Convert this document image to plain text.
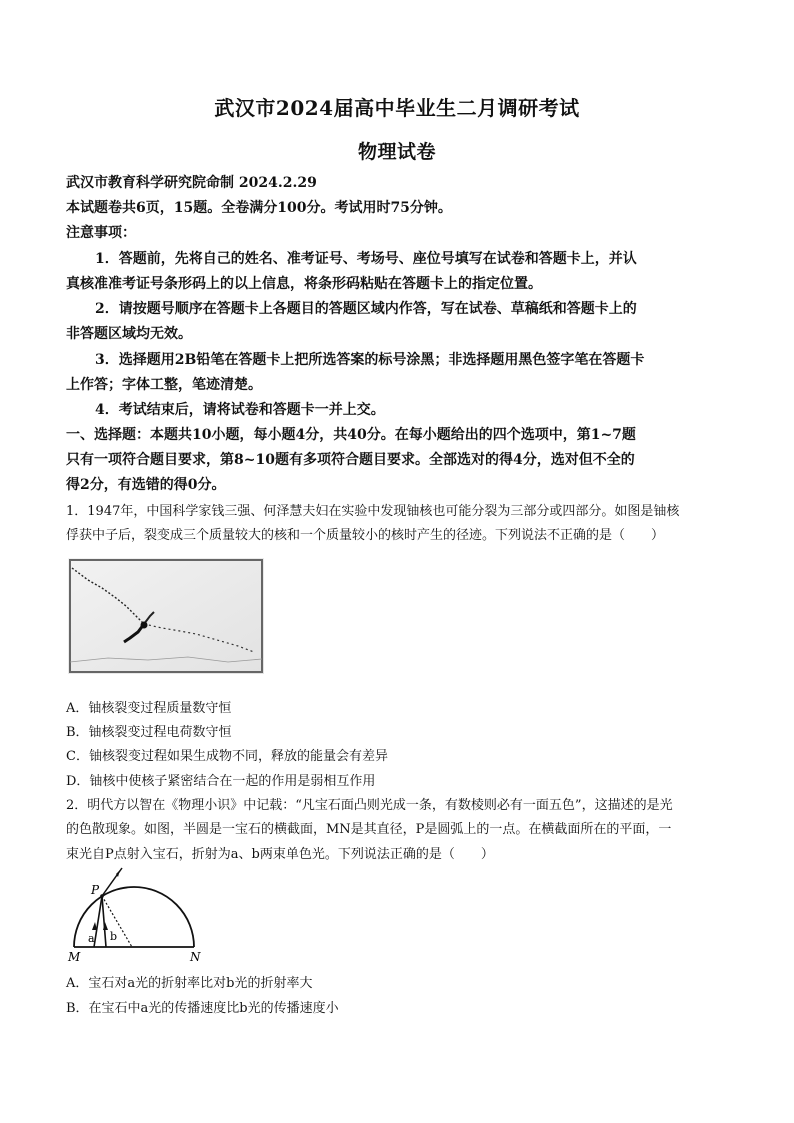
武汉市2024届高中毕业生二月调研考试
物理试卷
武汉市教育科学研究院命制 2024.2.29
本试题卷共6页，15题。全卷满分100分。考试用时75分钟。
注意事项：
1．答题前，先将自己的姓名、准考证号、考场号、座位号填写在试卷和答题卡上，并认
真核准准考证号条形码上的以上信息，将条形码粘贴在答题卡上的指定位置。
2．请按题号顺序在答题卡上各题目的答题区域内作答，写在试卷、草稿纸和答题卡上的
非答题区域均无效。
3．选择题用2B铅笔在答题卡上把所选答案的标号涂黑；非选择题用黑色签字笔在答题卡
上作答；字体工整，笔迹清楚。
4．考试结束后，请将试卷和答题卡一并上交。
一、选择题：本题共10小题，每小题4分，共40分。在每小题给出的四个选项中，第1~7题
只有一项符合题目要求，第8~10题有多项符合题目要求。全部选对的得4分，选对但不全的
得2分，有选错的得0分。
1．1947年，中国科学家钱三强、何泽慧夫妇在实验中发现铀核也可能分裂为三部分或四部分。如图是铀核
俘获中子后，裂变成三个质量较大的核和一个质量较小的核时产生的径迹。下列说法不正确的是（　　）
A．铀核裂变过程质量数守恒
B．铀核裂变过程电荷数守恒
C．铀核裂变过程如果生成物不同，释放的能量会有差异
D．铀核中使核子紧密结合在一起的作用是弱相互作用
2．明代方以智在《物理小识》中记载：“凡宝石面凸则光成一条，有数棱则必有一面五色”，这描述的是光
的色散现象。如图，半圆是一宝石的横截面，MN是其直径，P是圆弧上的一点。在横截面所在的平面，一
束光自P点射入宝石，折射为a、b两束单色光。下列说法正确的是（　　）
P
a b
M	N
A．宝石对a光的折射率比对b光的折射率大
B．在宝石中a光的传播速度比b光的传播速度小
